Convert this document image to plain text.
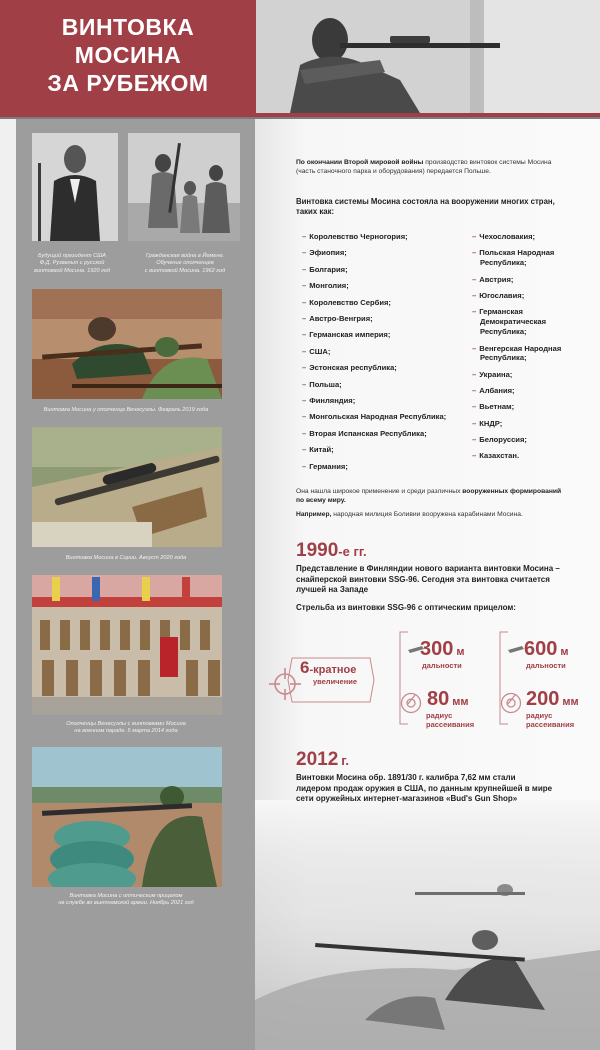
ВИНТОВКА
МОСИНА
ЗА РУБЕЖОМ
Будущий президент США
Ф.Д. Рузвельт с русской
винтовкой Мосина. 1920 год
Гражданская война в Йемене.
Обучение ополченцев
с винтовкой Мосина. 1962 год
Винтовка Мосина у ополченца Венесуэлы. Февраль 2019 года
Винтовка Мосина в Сирии. Август 2020 года
Ополченцы Венесуэлы с винтовками Мосина
на военном параде. 5 марта 2014 года
Винтовка Мосина с оптическим прицелом
на службе во вьетнамской армии. Ноябрь 2021 год
По окончании Второй мировой войны производство винтовок системы Мосина
(часть станочного парка и оборудования) передается Польше.
Винтовка системы Мосина состояла на вооружении многих стран,
таких как:
– Королевство Черногория;
– Эфиопия;
– Болгария;
– Монголия;
– Королевство Сербия;
– Австро-Венгрия;
– Германская империя;
– США;
– Эстонская республика;
– Польша;
– Финляндия;
– Монгольская Народная Республика;
– Вторая Испанская Республика;
– Китай;
– Германия;
– Чехословакия;
– Польская Народная
Республика;
– Австрия;
– Югославия;
– Германская
Демократическая
Республика;
– Венгерская Народная
Республика;
– Украина;
– Албания;
– Вьетнам;
– КНДР;
– Белоруссия;
– Казахстан.
Она нашла широкое применение и среди различных вооруженных формирований
по всему миру.
Например, народная милиция Боливии вооружена карабинами Мосина.
1990-е гг.
Представление в Финляндии нового варианта винтовки Мосина –
снайперской винтовки SSG-96. Сегодня эта винтовка считается
лучшей на Западе
Стрельба из винтовки SSG-96 с оптическим прицелом:
6-кратное
увеличение
300 м
дальности
600 м
дальности
80 мм
радиус
рассеивания
200 мм
радиус
рассеивания
2012 г.
Винтовки Мосина обр. 1891/30 г. калибра 7,62 мм стали
лидером продаж оружия в США, по данным крупнейшей в мире
сети оружейных интернет-магазинов «Bud's Gun Shop»
